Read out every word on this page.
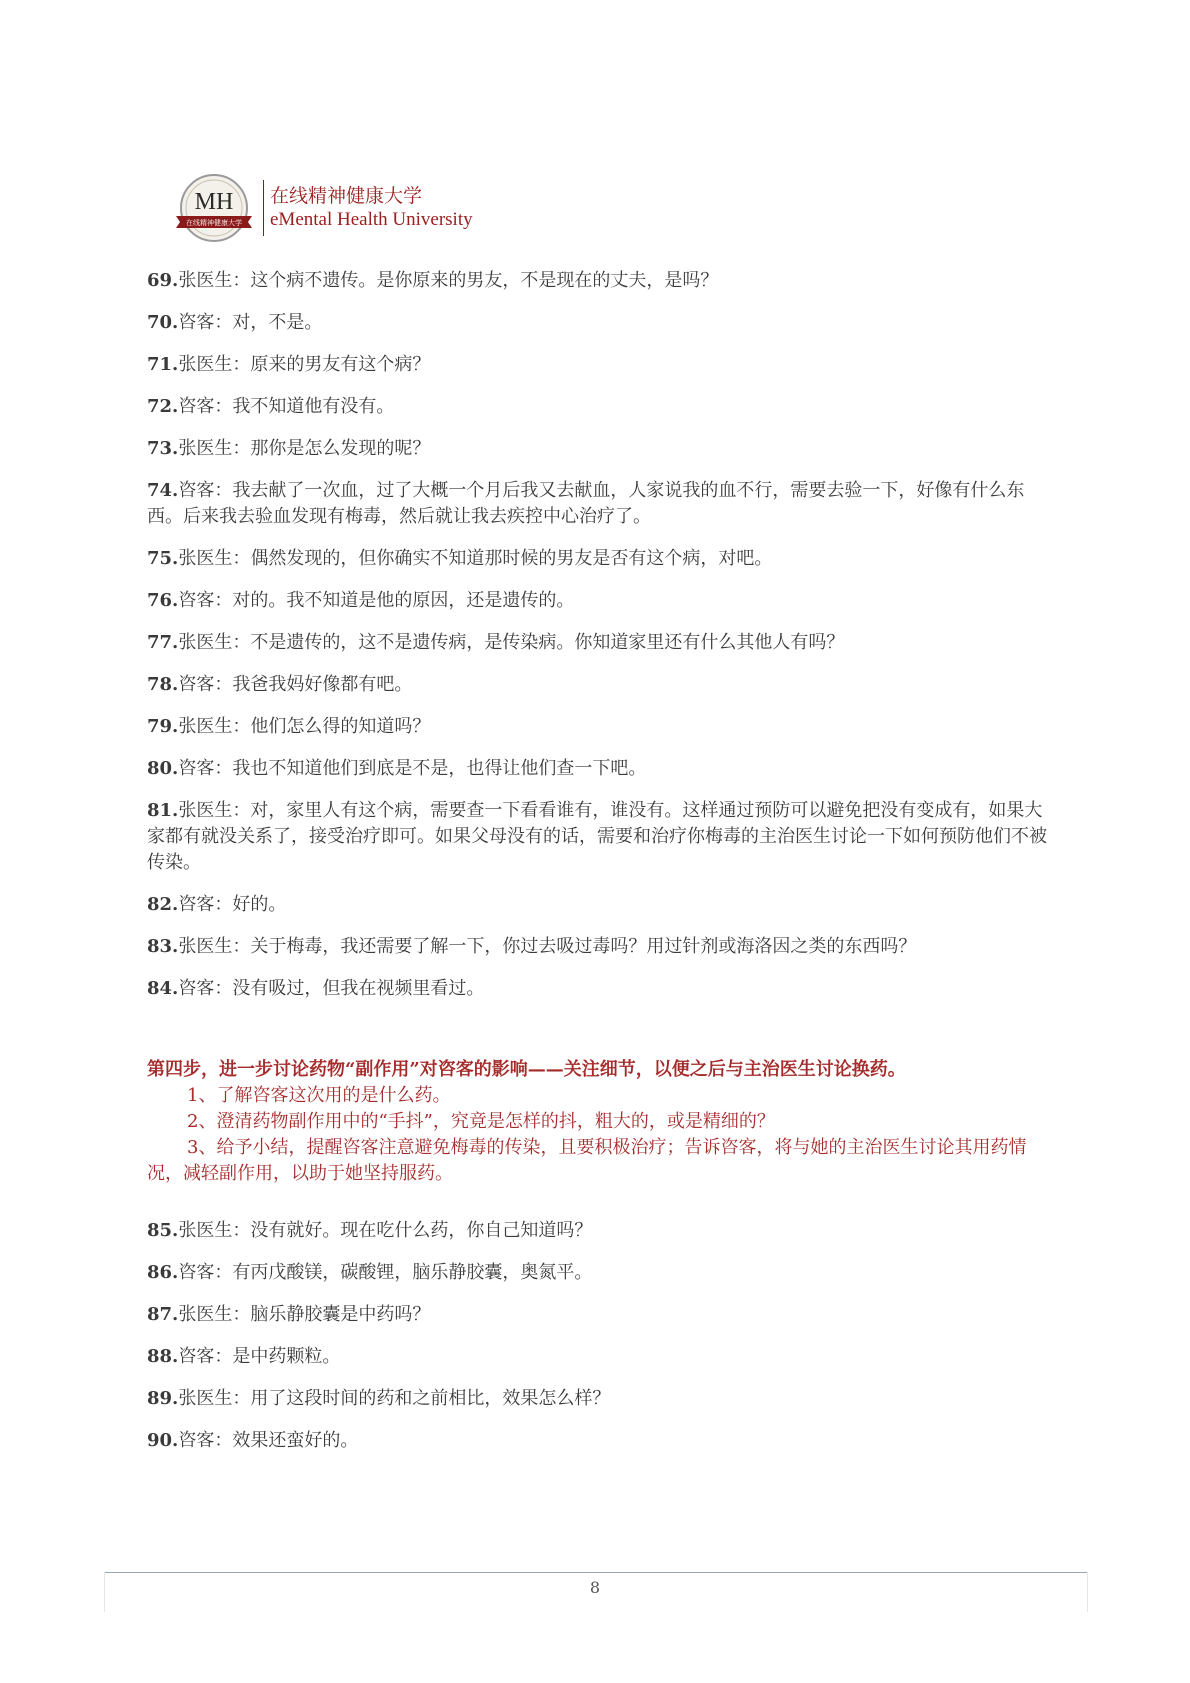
MH
在线精神健康大学
在线精神健康大学
eMental Health University
69.张医生：这个病不遗传。是你原来的男友，不是现在的丈夫，是吗？
70.咨客：对，不是。
71.张医生：原来的男友有这个病？
72.咨客：我不知道他有没有。
73.张医生：那你是怎么发现的呢？
74.咨客：我去献了一次血，过了大概一个月后我又去献血，人家说我的血不行，需要去验一下，好像有什么东西。后来我去验血发现有梅毒，然后就让我去疾控中心治疗了。
75.张医生：偶然发现的，但你确实不知道那时候的男友是否有这个病，对吧。
76.咨客：对的。我不知道是他的原因，还是遗传的。
77.张医生：不是遗传的，这不是遗传病，是传染病。你知道家里还有什么其他人有吗？
78.咨客：我爸我妈好像都有吧。
79.张医生：他们怎么得的知道吗？
80.咨客：我也不知道他们到底是不是，也得让他们查一下吧。
81.张医生：对，家里人有这个病，需要查一下看看谁有，谁没有。这样通过预防可以避免把没有变成有，如果大家都有就没关系了，接受治疗即可。如果父母没有的话，需要和治疗你梅毒的主治医生讨论一下如何预防他们不被传染。
82.咨客：好的。
83.张医生：关于梅毒，我还需要了解一下，你过去吸过毒吗？用过针剂或海洛因之类的东西吗？
84.咨客：没有吸过，但我在视频里看过。
第四步，进一步讨论药物“副作用”对咨客的影响——关注细节，以便之后与主治医生讨论换药。
1、了解咨客这次用的是什么药。
2、澄清药物副作用中的“手抖”，究竟是怎样的抖，粗大的，或是精细的？
3、给予小结，提醒咨客注意避免梅毒的传染，且要积极治疗；告诉咨客，将与她的主治医生讨论其用药情况，减轻副作用，以助于她坚持服药。
85.张医生：没有就好。现在吃什么药，你自己知道吗？
86.咨客：有丙戊酸镁，碳酸锂，脑乐静胶囊，奥氮平。
87.张医生：脑乐静胶囊是中药吗？
88.咨客：是中药颗粒。
89.张医生：用了这段时间的药和之前相比，效果怎么样？
90.咨客：效果还蛮好的。
8
